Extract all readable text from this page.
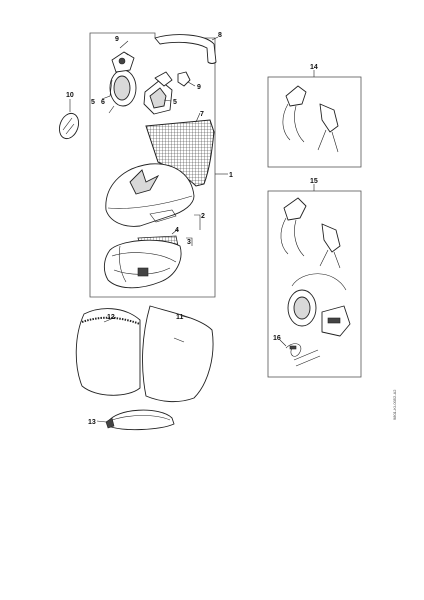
1
2
3
4
5	5
6
7
8
9
9
10
11
12
13
14
15
16
9801-KI-0052-A2
